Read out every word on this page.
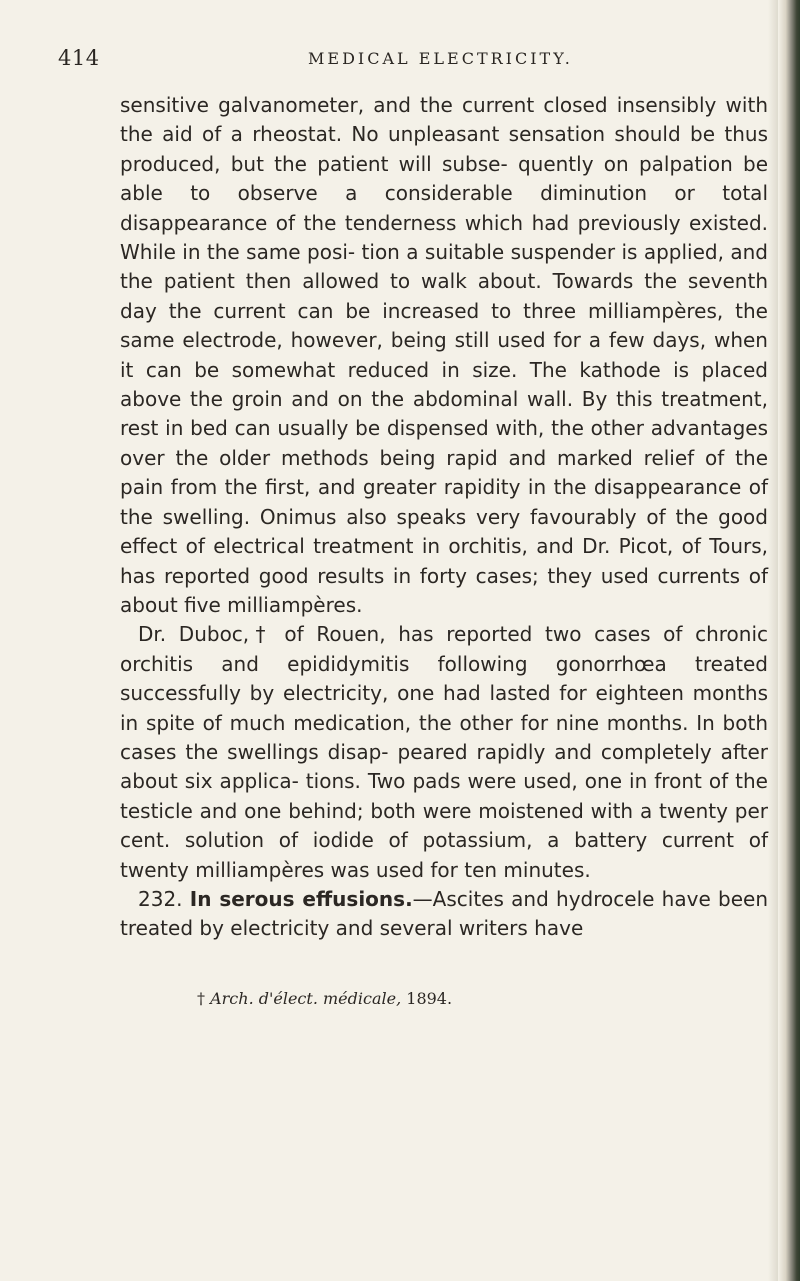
414	MEDICAL ELECTRICITY.

sensitive galvanometer, and the current closed insensibly with the aid of a rheostat. No unpleasant sensation should be thus produced, but the patient will subse- quently on palpation be able to observe a considerable diminution or total disappearance of the tenderness which had previously existed. While in the same posi- tion a suitable suspender is applied, and the patient then allowed to walk about. Towards the seventh day the current can be increased to three milliampères, the same electrode, however, being still used for a few days, when it can be somewhat reduced in size. The kathode is placed above the groin and on the abdominal wall. By this treatment, rest in bed can usually be dispensed with, the other advantages over the older methods being rapid and marked relief of the pain from the first, and greater rapidity in the disappearance of the swelling. Onimus also speaks very favourably of the good effect of electrical treatment in orchitis, and Dr. Picot, of Tours, has reported good results in forty cases; they used currents of about five milliampères.

Dr. Duboc,† of Rouen, has reported two cases of chronic orchitis and epididymitis following gonorrhœa treated successfully by electricity, one had lasted for eighteen months in spite of much medication, the other for nine months. In both cases the swellings disap- peared rapidly and completely after about six applica- tions. Two pads were used, one in front of the testicle and one behind; both were moistened with a twenty per cent. solution of iodide of potassium, a battery current of twenty milliampères was used for ten minutes.

232. In serous effusions.—Ascites and hydrocele have been treated by electricity and several writers have

† Arch. d'élect. médicale, 1894.
